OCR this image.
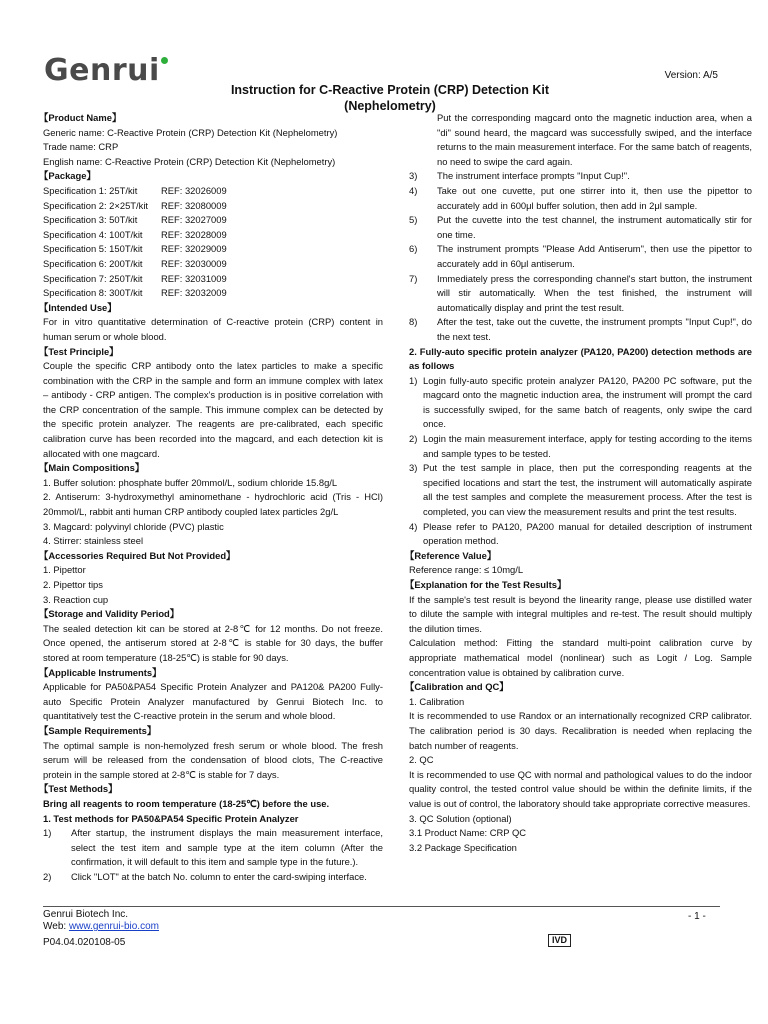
Genrui	Version: A/5
Instruction for C-Reactive Protein (CRP) Detection Kit
(Nephelometry)

【 Product Name 】

Generic name: C-Reactive Protein (CRP) Detection Kit (Nephelometry)

Trade name: CRP

English name: C-Reactive Protein (CRP) Detection Kit (Nephelometry)

【 Package 】

Specification 1: 25T/kit	REF: 32026009
Specification 2: 2×25T/kit	REF: 32080009
Specification 3: 50T/kit	REF: 32027009
Specification 4: 100T/kit	REF: 32028009
Specification 5: 150T/kit	REF: 32029009
Specification 6: 200T/kit	REF: 32030009
Specification 7: 250T/kit	REF: 32031009
Specification 8: 300T/kit	REF: 32032009

【 Intended Use 】

For in vitro quantitative determination of C-reactive protein (CRP) content in human serum or whole blood.

【 Test Principle 】

Couple the specific CRP antibody onto the latex particles to make a specific combination with the CRP in the sample and form an immune complex with latex – antibody - CRP antigen. The complex's production is in positive correlation with the CRP concentration of the sample. This immune complex can be detected by the specific protein analyzer. The reagents are pre-calibrated, each specific calibration curve has been recorded into the magcard, and each detection kit is allocated with one magcard.

【 Main Compositions 】

1. Buffer solution: phosphate buffer 20mmol/L, sodium chloride 15.8g/L

2. Antiserum: 3-hydroxymethyl aminomethane - hydrochloric acid (Tris - HCl) 20mmol/L, rabbit anti human CRP antibody coupled latex particles 2g/L

3. Magcard: polyvinyl chloride (PVC) plastic

4. Stirrer: stainless steel

【 Accessories Required But Not Provided 】

1. Pipettor

2. Pipettor tips

3. Reaction cup

【 Storage and Validity Period 】

The sealed detection kit can be stored at 2-8℃ for 12 months. Do not freeze. Once opened, the antiserum stored at 2-8℃ is stable for 30 days, the buffer stored at room temperature (18-25℃) is stable for 90 days.

【 Applicable Instruments 】

Applicable for PA50&PA54 Specific Protein Analyzer and PA120& PA200 Fully-auto Specific Protein Analyzer manufactured by Genrui Biotech Inc. to quantitatively test the C-reactive protein in the serum and whole blood.

【 Sample Requirements 】

The optimal sample is non-hemolyzed fresh serum or whole blood. The fresh serum will be released from the condensation of blood clots, The C-reactive protein in the sample stored at 2-8℃ is stable for 7 days.

【 Test Methods 】

Bring all reagents to room temperature (18-25℃) before the use.

1. Test methods for PA50&PA54 Specific Protein Analyzer

1)	After startup, the instrument displays the main measurement interface, select the test item and sample type at the item column (After the confirmation, it will default to this item and sample type in the future.).
2)	Click "LOT" at the batch No. column to enter the card-swiping interface.

Put the corresponding magcard onto the magnetic induction area, when a "di" sound heard, the magcard was successfully swiped, and the interface returns to the main measurement interface. For the same batch of reagents, no need to swipe the card again.

3)	The instrument interface prompts "Input Cup!".
4)	Take out one cuvette, put one stirrer into it, then use the pipettor to accurately add in 600μl buffer solution, then add in 2μl sample.
5)	Put the cuvette into the test channel, the instrument automatically stir for one time.
6)	The instrument prompts "Please Add Antiserum", then use the pipettor to accurately add in 60μl antiserum.
7)	Immediately press the corresponding channel's start button, the instrument will stir automatically. When the test finished, the instrument will automatically display and print the test result.
8)	After the test, take out the cuvette, the instrument prompts "Input Cup!", do the next test.

2. Fully-auto specific protein analyzer (PA120, PA200) detection methods are as follows

1) Login fully-auto specific protein analyzer PA120, PA200 PC software, put the magcard onto the magnetic induction area, the instrument will prompt the card is successfully swiped, for the same batch of reagents, only swipe the card once.
2) Login the main measurement interface, apply for testing according to the items and sample types to be tested.
3) Put the test sample in place, then put the corresponding reagents at the specified locations and start the test, the instrument will automatically aspirate all the test samples and complete the measurement process. After the test is completed, you can view the measurement results and print the test results.
4) Please refer to PA120, PA200 manual for detailed description of instrument operation method.

【 Reference Value 】

Reference range: ≤ 10mg/L

【 Explanation for the Test Results 】

If the sample's test result is beyond the linearity range, please use distilled water to dilute the sample with integral multiples and re-test. The result should multiply the dilution times.

Calculation method: Fitting the standard multi-point calibration curve by appropriate mathematical model (nonlinear) such as Logit / Log. Sample concentration value is obtained by calibration curve.

【 Calibration and QC 】

1. Calibration

It is recommended to use Randox or an internationally recognized CRP calibrator. The calibration period is 30 days. Recalibration is needed when replacing the batch number of reagents.

2. QC

It is recommended to use QC with normal and pathological values to do the indoor quality control, the tested control value should be within the definite limits, if the value is out of control, the laboratory should take appropriate corrective measures.

3. QC Solution (optional)

3.1 Product Name: CRP QC

3.2 Package Specification

Genrui Biotech Inc.
Web: www.genrui-bio.com
P04.04.020108-05
- 1 -
IVD
